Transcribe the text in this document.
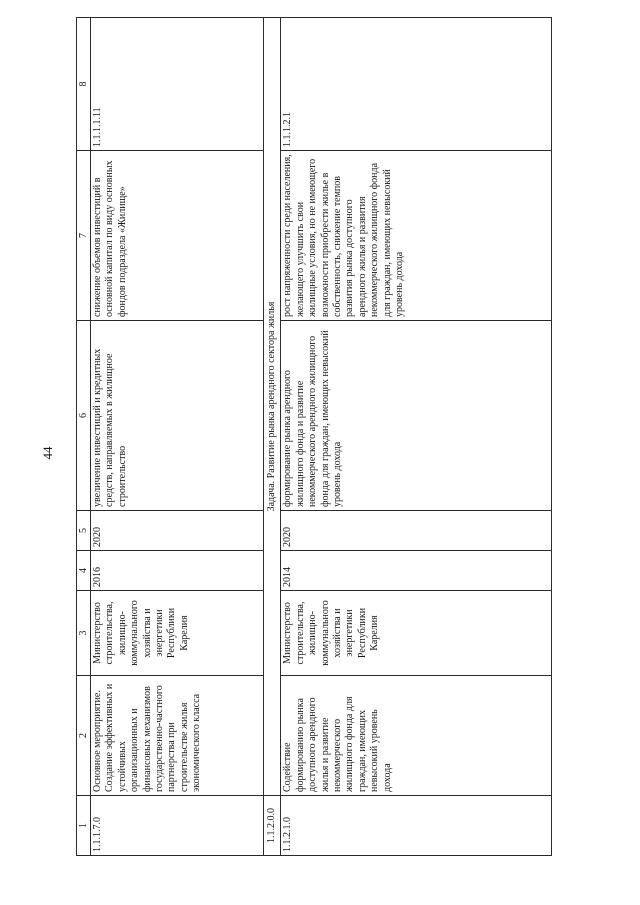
44
1	2	3	4	5	6	7	8
1.1.1.7.0	Основное мероприятие. Создание эффективных и устойчивых организационных и финансовых механизмов государственно-частного партнерства при строительстве жилья экономического класса	Министерство строительства, жилищно-коммунального хозяйства и энергетики Республики Карелия	2016	2020	увеличение инвестиций и кредитных средств, направляемых в жилищное строительство	снижение объемов инвестиций в основной капитал по виду основных фондов подраздела «Жилище»	1.1.1.1.11
1.1.2.0.0	Задача. Развитие рынка арендного сектора жилья						
1.1.2.1.0	Содействие формированию рынка доступного арендного жилья и развитие некоммерческого жилищного фонда для граждан, имеющих невысокий уровень дохода	Министерство строительства, жилищно-коммунального хозяйства и энергетики Республики Карелия	2014	2020	формирование рынка арендного жилищного фонда и развитие некоммерческого арендного жилищного фонда для граждан, имеющих невысокий уровень дохода	рост напряженности среди населения, желающего улучшить свои жилищные условия, но не имеющего возможности приобрести жилье в собственность, снижение темпов развития рынка доступного арендного жилья и развития некоммерческого жилищного фонда для граждан, имеющих невысокий уровень дохода	1.1.1.2.1
